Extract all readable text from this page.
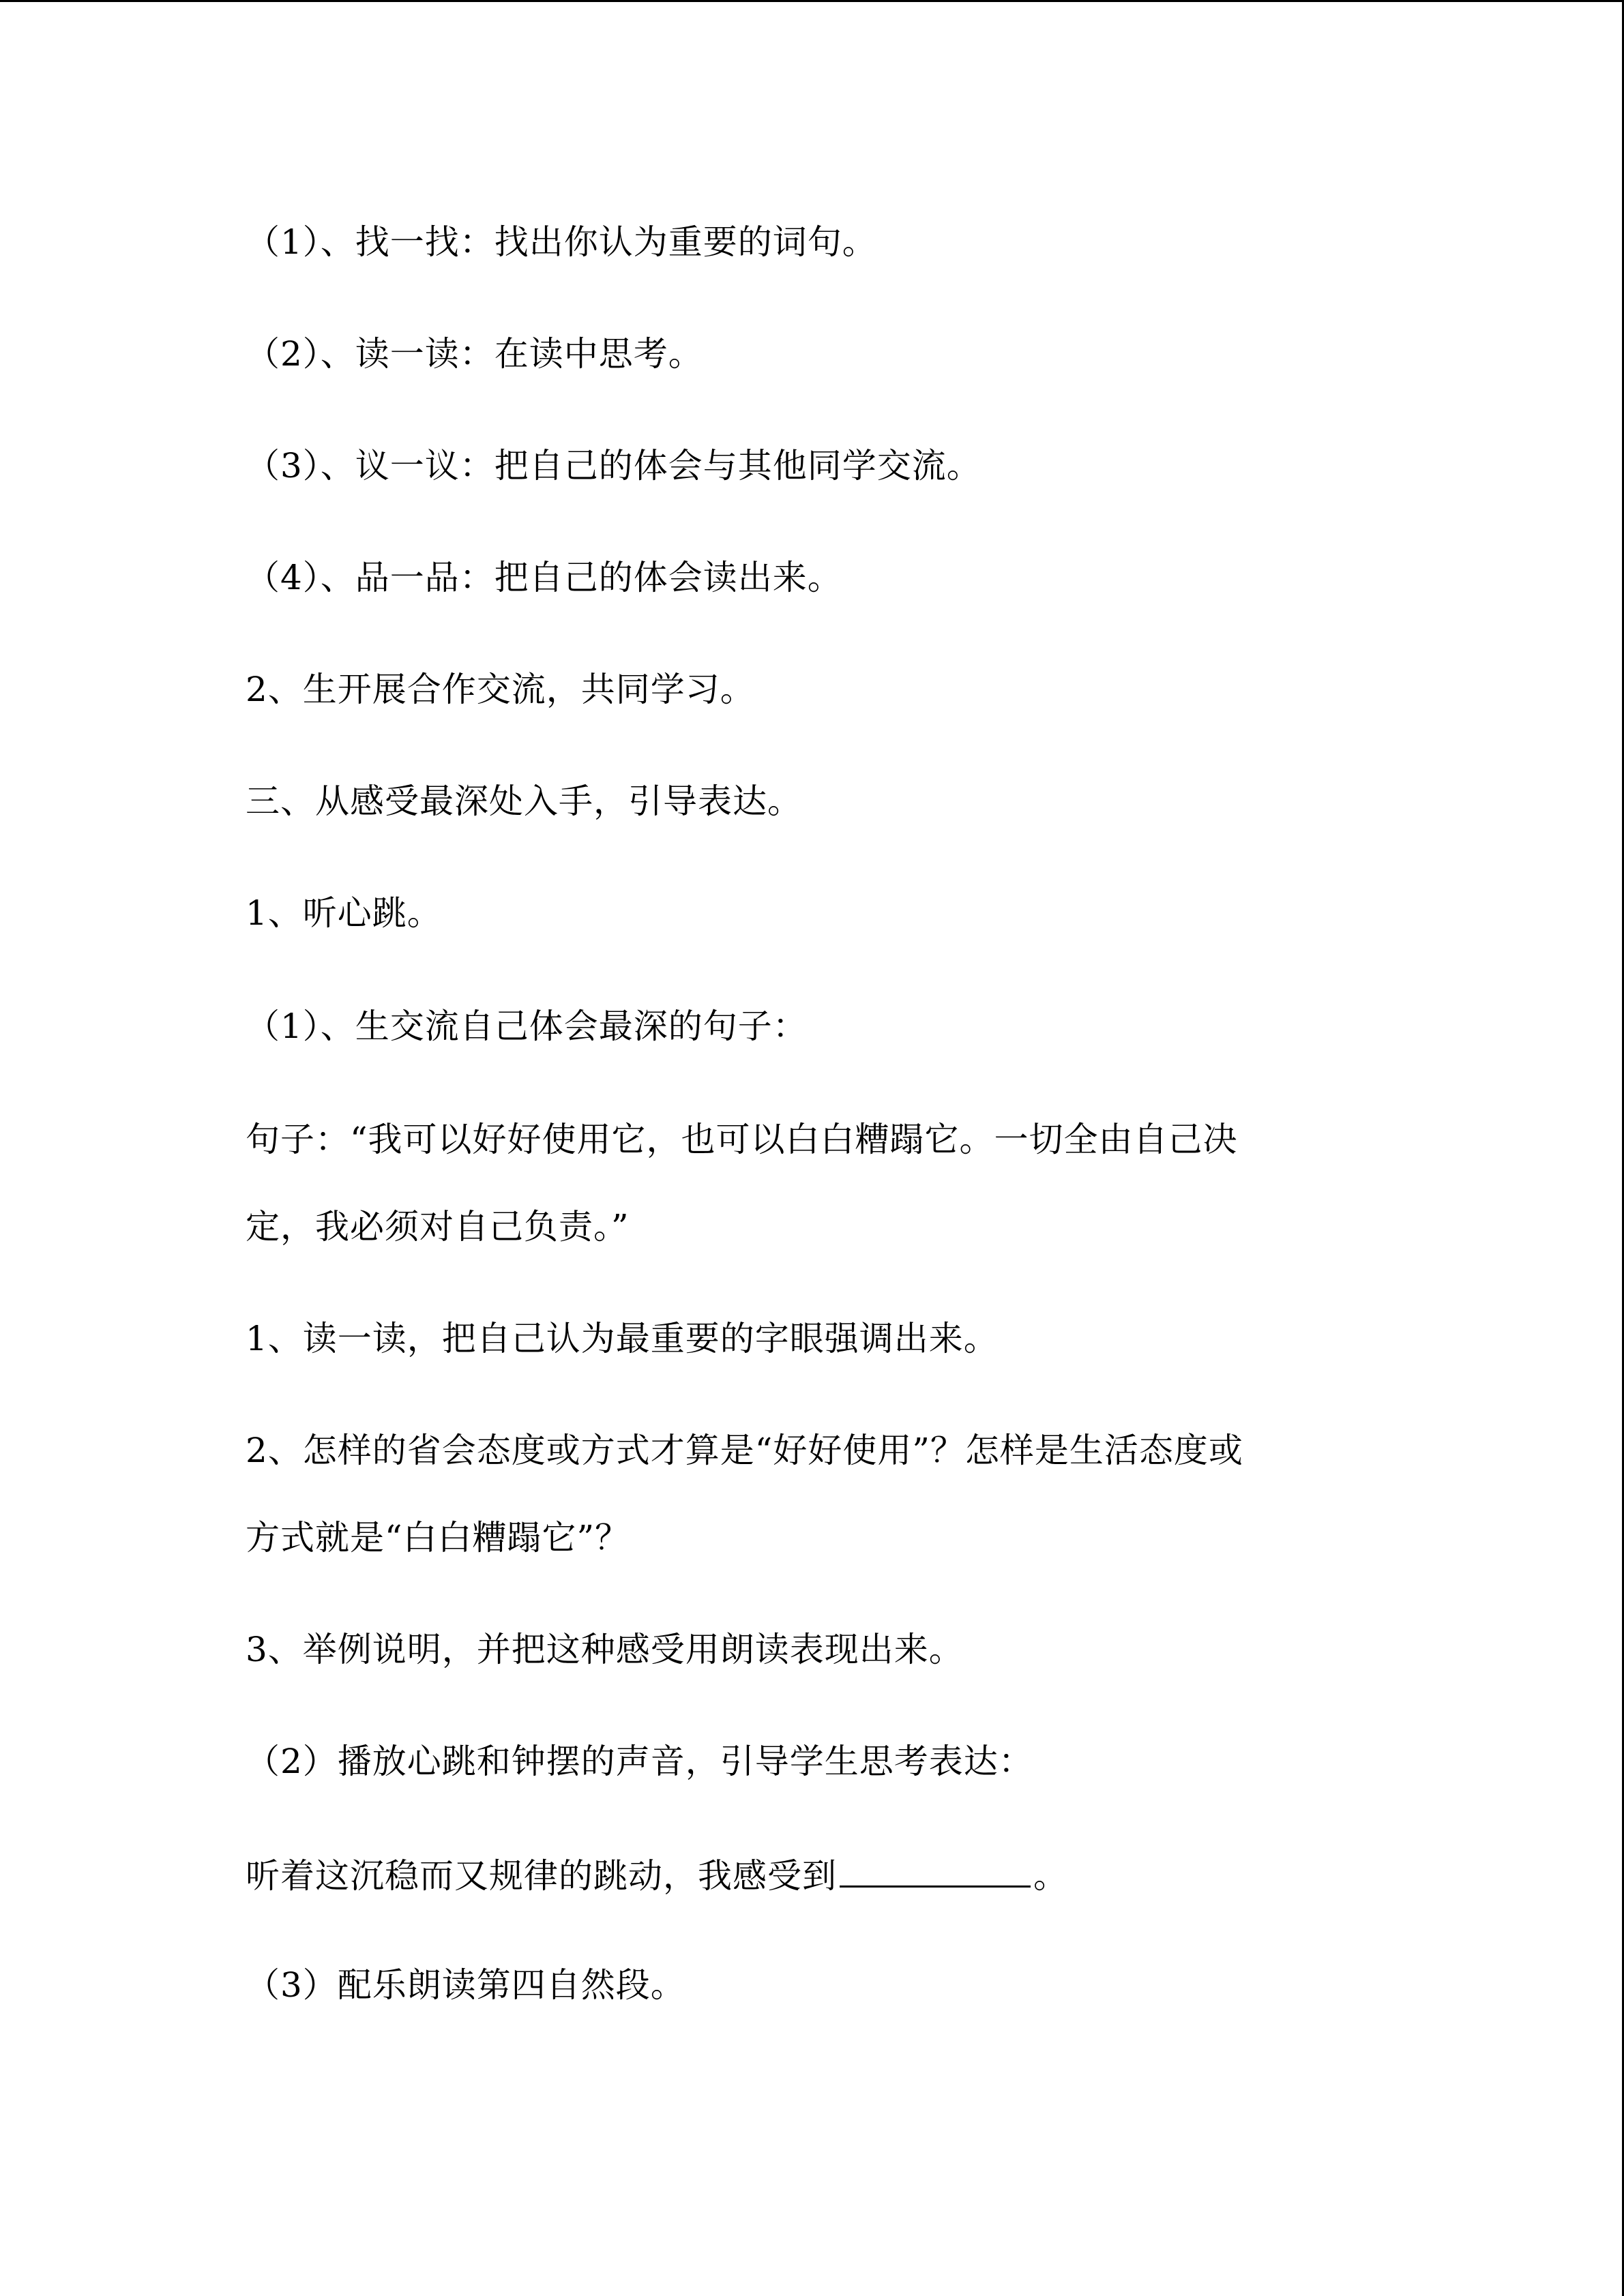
（1）、找一找：找出你认为重要的词句。
（2）、读一读：在读中思考。
（3）、议一议：把自己的体会与其他同学交流。
（4）、品一品：把自己的体会读出来。
2、生开展合作交流，共同学习。
三、从感受最深处入手，引导表达。
1、听心跳。
（1）、生交流自己体会最深的句子：
句子：“我可以好好使用它，也可以白白糟蹋它。一切全由自己决
定，我必须对自己负责。”
1、读一读，把自己认为最重要的字眼强调出来。
2、怎样的省会态度或方式才算是“好好使用”？怎样是生活态度或
方式就是“白白糟蹋它”？
3、举例说明，并把这种感受用朗读表现出来。
（2）播放心跳和钟摆的声音，引导学生思考表达：
听着这沉稳而又规律的跳动，我感受到	。
（3）配乐朗读第四自然段。
